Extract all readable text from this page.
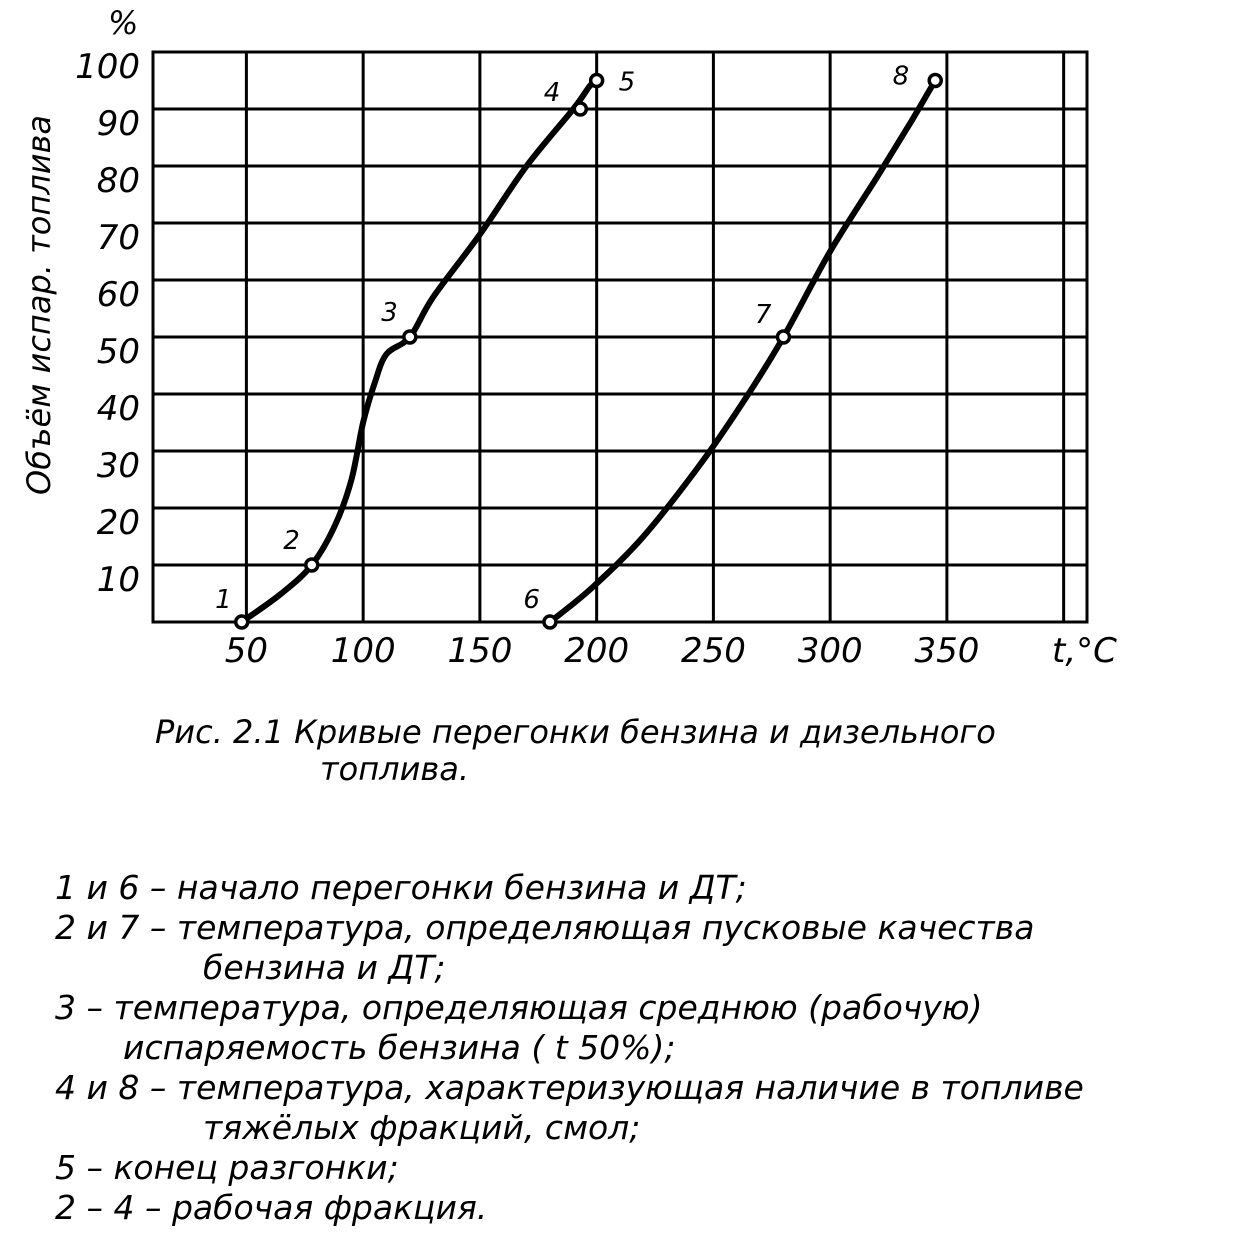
1
2
3
4 5
6
7
8
50 100 150 200 250 300 350
10
20
30
40
50
60
70
80
90
100
%
t,°C
Объём испар. топлива
Рис. 2.1 Кривые перегонки бензина и дизельного
топлива.
1 и 6 – начало перегонки бензина и ДТ;
2 и 7 – температура, определяющая пусковые качества
бензина и ДТ;
3 – температура, определяющая среднюю (рабочую)
испаряемость бензина ( t 50%);
4 и 8 – температура, характеризующая наличие в топливе
тяжёлых фракций, смол;
5 – конец разгонки;
2 – 4 – рабочая фракция.
